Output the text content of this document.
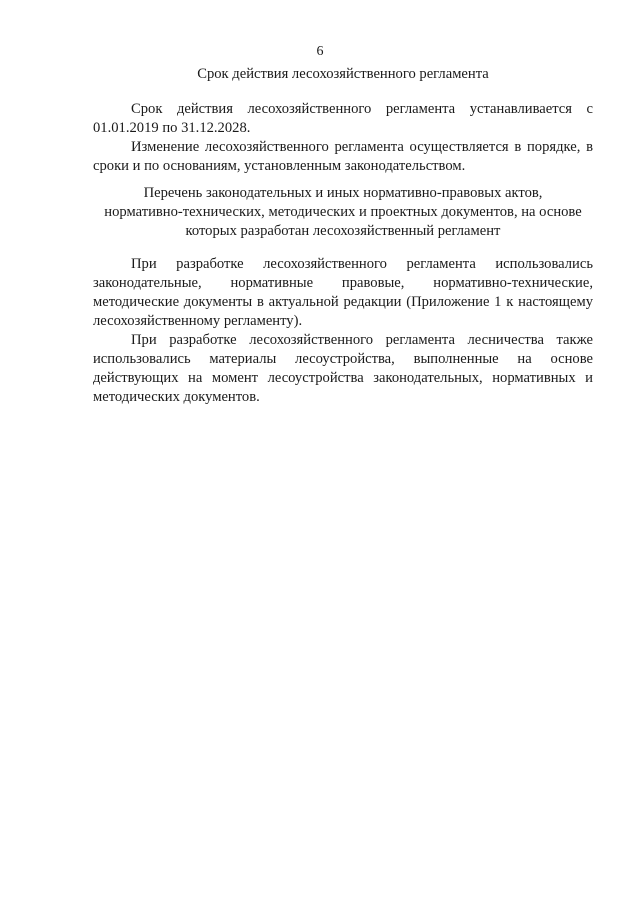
6
Срок действия лесохозяйственного регламента

Срок действия лесохозяйственного регламента устанавливается с 01.01.2019 по 31.12.2028.

Изменение лесохозяйственного регламента осуществляется в порядке, в сроки и по основаниям, установленным законодательством.

Перечень законодательных и иных нормативно-правовых актов,
нормативно-технических, методических и проектных документов, на основе
которых разработан лесохозяйственный регламент

При разработке лесохозяйственного регламента использовались законодательные, нормативные правовые, нормативно-технические, методические документы в актуальной редакции (Приложение 1 к настоящему лесохозяйственному регламенту).

При разработке лесохозяйственного регламента лесничества также использовались материалы лесоустройства, выполненные на основе действующих на момент лесоустройства законодательных, нормативных и методических документов.
